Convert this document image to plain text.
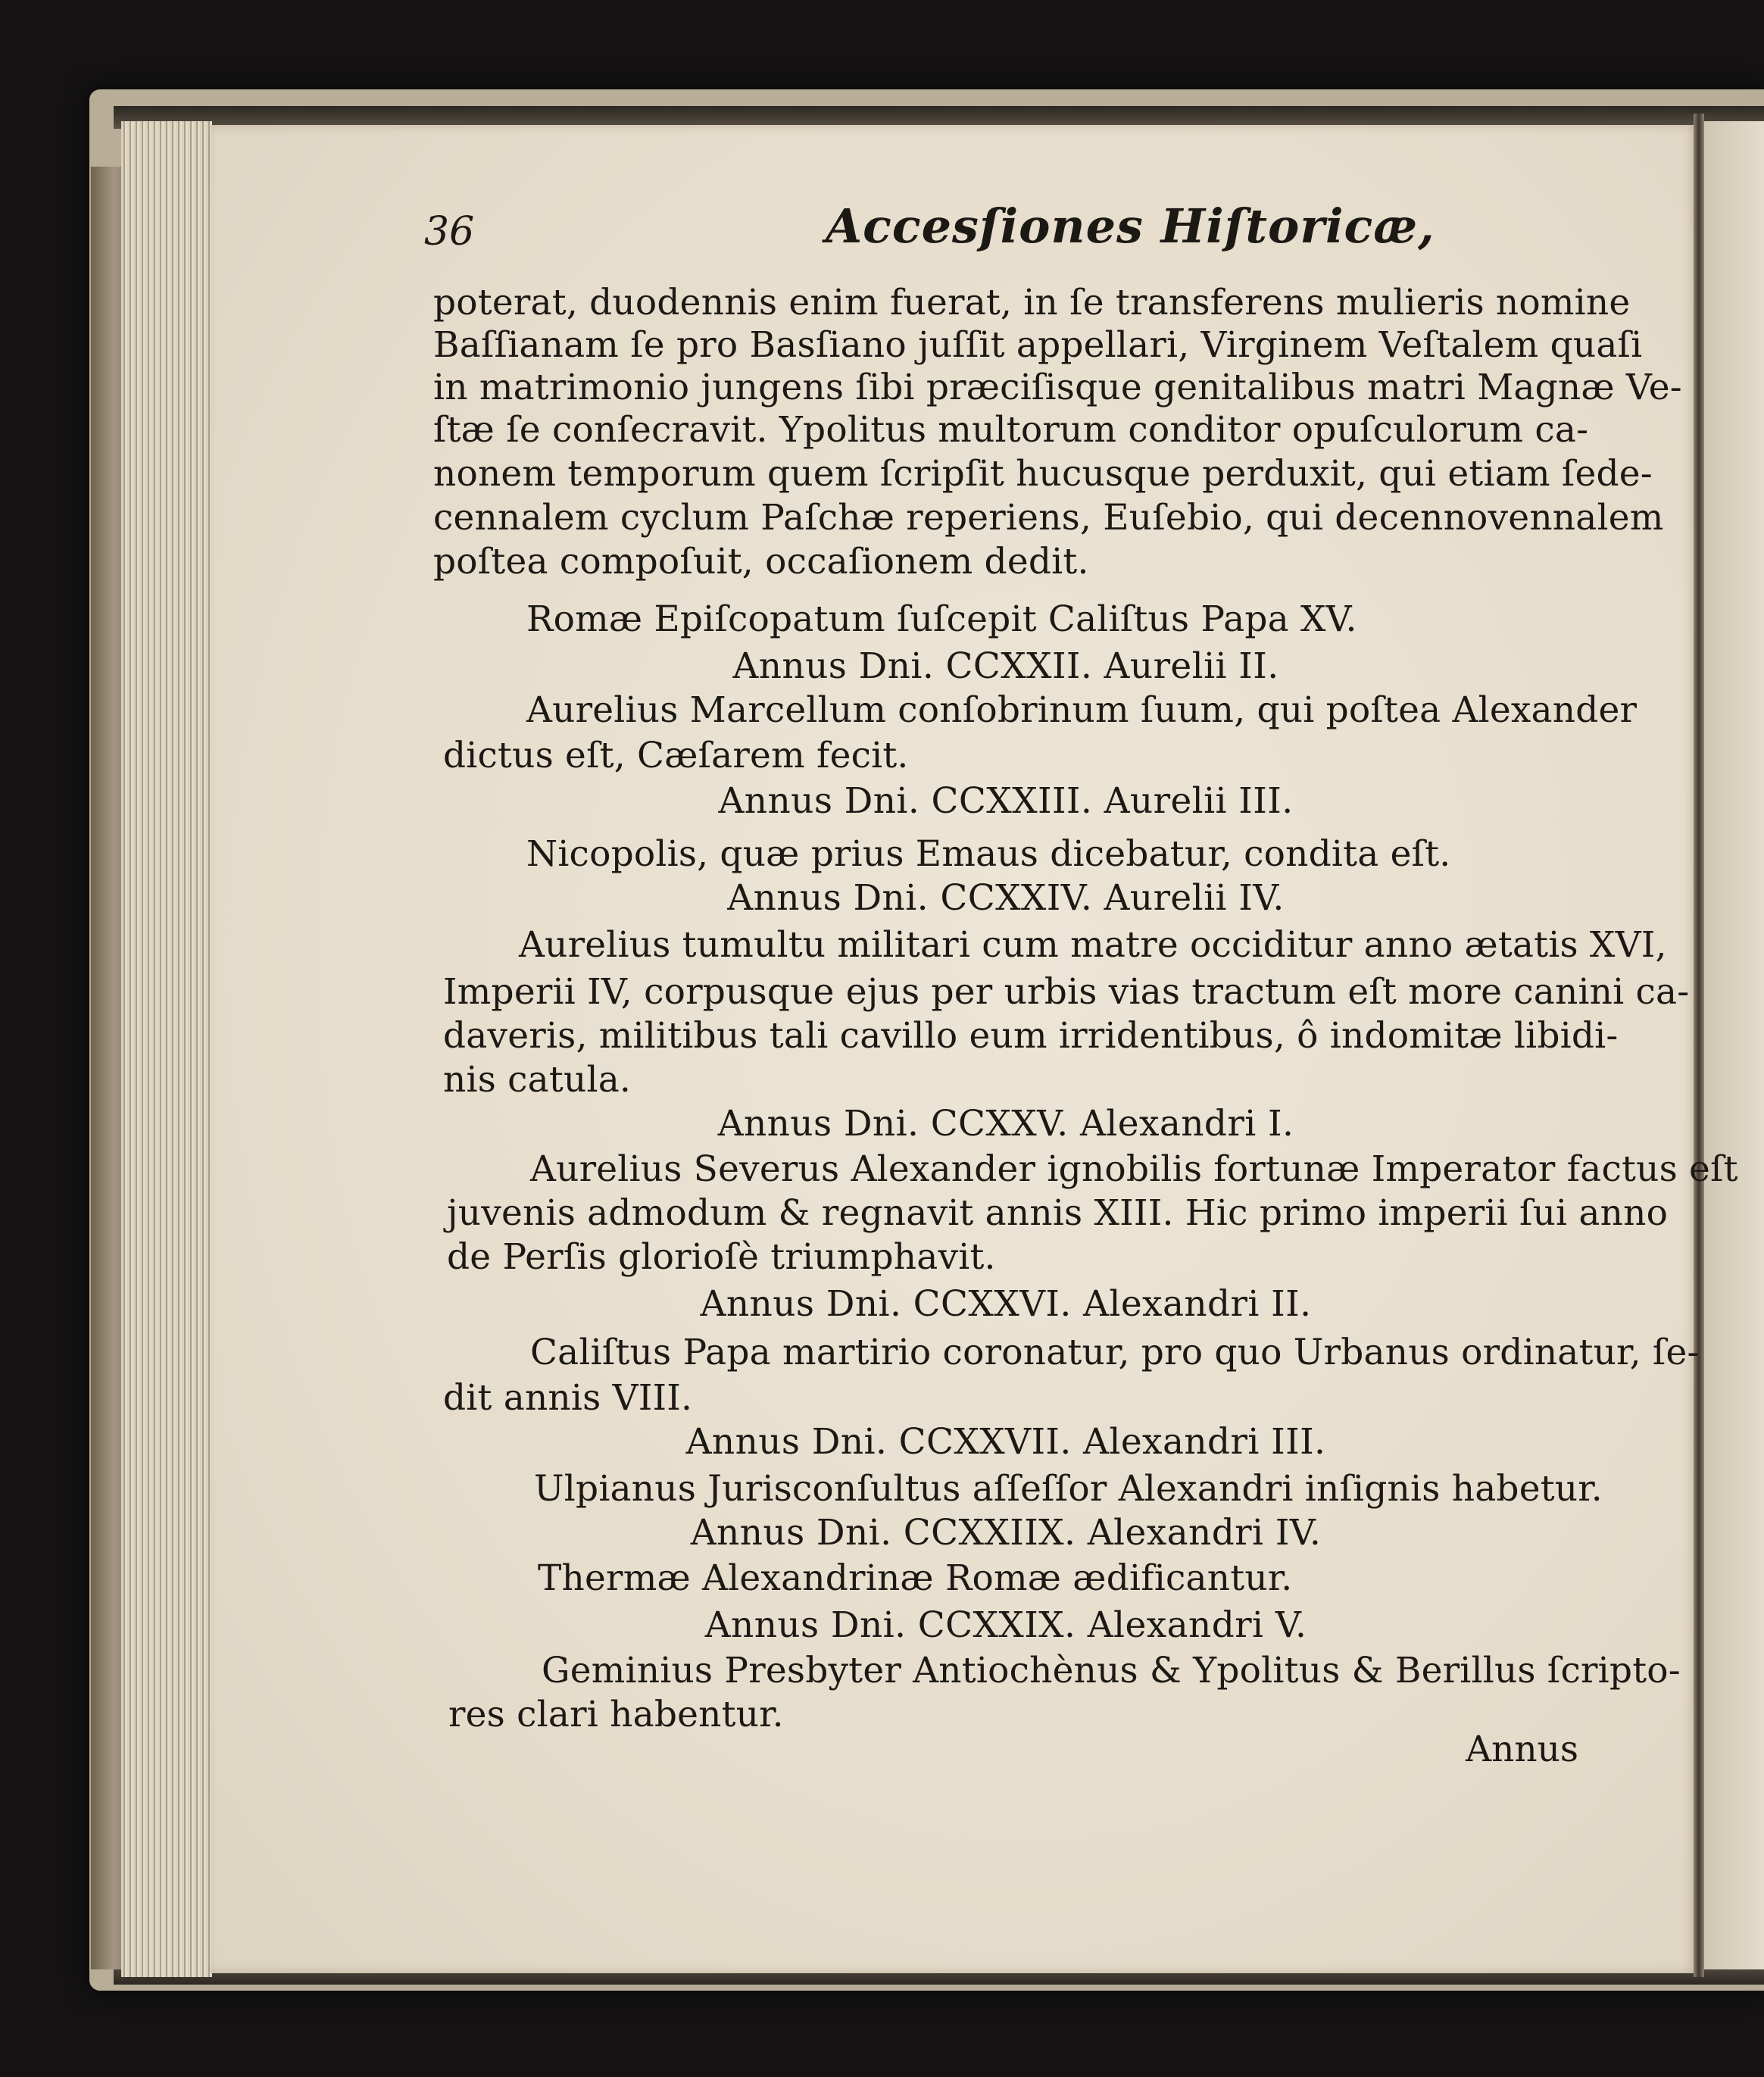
36	Accesſiones Hiſtoricæ,
poterat, duodennis enim fuerat, in ſe transferens mulieris nomine
Baſſianam ſe pro Basſiano juſſit appellari, Virginem Veſtalem quaſi
in matrimonio jungens ſibi præciſisque genitalibus matri Magnæ Ve-
ſtæ ſe conſecravit. Ypolitus multorum conditor opuſculorum ca-
nonem temporum quem ſcripſit hucusque perduxit, qui etiam ſede-
cennalem cyclum Paſchæ reperiens, Euſebio, qui decennovennalem
poſtea compoſuit, occaſionem dedit.
Romæ Epiſcopatum ſuſcepit Caliſtus Papa XV.
Annus Dni. CCXXII. Aurelii II.
Aurelius Marcellum conſobrinum ſuum, qui poſtea Alexander
dictus eſt, Cæſarem fecit.
Annus Dni. CCXXIII. Aurelii III.
Nicopolis, quæ prius Emaus dicebatur, condita eſt.
Annus Dni. CCXXIV. Aurelii IV.
Aurelius tumultu militari cum matre occiditur anno ætatis XVI,
Imperii IV, corpusque ejus per urbis vias tractum eſt more canini ca-
daveris, militibus tali cavillo eum irridentibus, ô indomitæ libidi-
nis catula.
Annus Dni. CCXXV. Alexandri I.
Aurelius Severus Alexander ignobilis fortunæ Imperator factus eſt
juvenis admodum & regnavit annis XIII. Hic primo imperii ſui anno
de Perſis glorioſè triumphavit.
Annus Dni. CCXXVI. Alexandri II.
Caliſtus Papa martirio coronatur, pro quo Urbanus ordinatur, ſe-
dit annis VIII.
Annus Dni. CCXXVII. Alexandri III.
Ulpianus Jurisconſultus aſſeſſor Alexandri inſignis habetur.
Annus Dni. CCXXIIX. Alexandri IV.
Thermæ Alexandrinæ Romæ ædificantur.
Annus Dni. CCXXIX. Alexandri V.
Geminius Presbyter Antiochènus & Ypolitus & Berillus ſcripto-
res clari habentur.
Annus
